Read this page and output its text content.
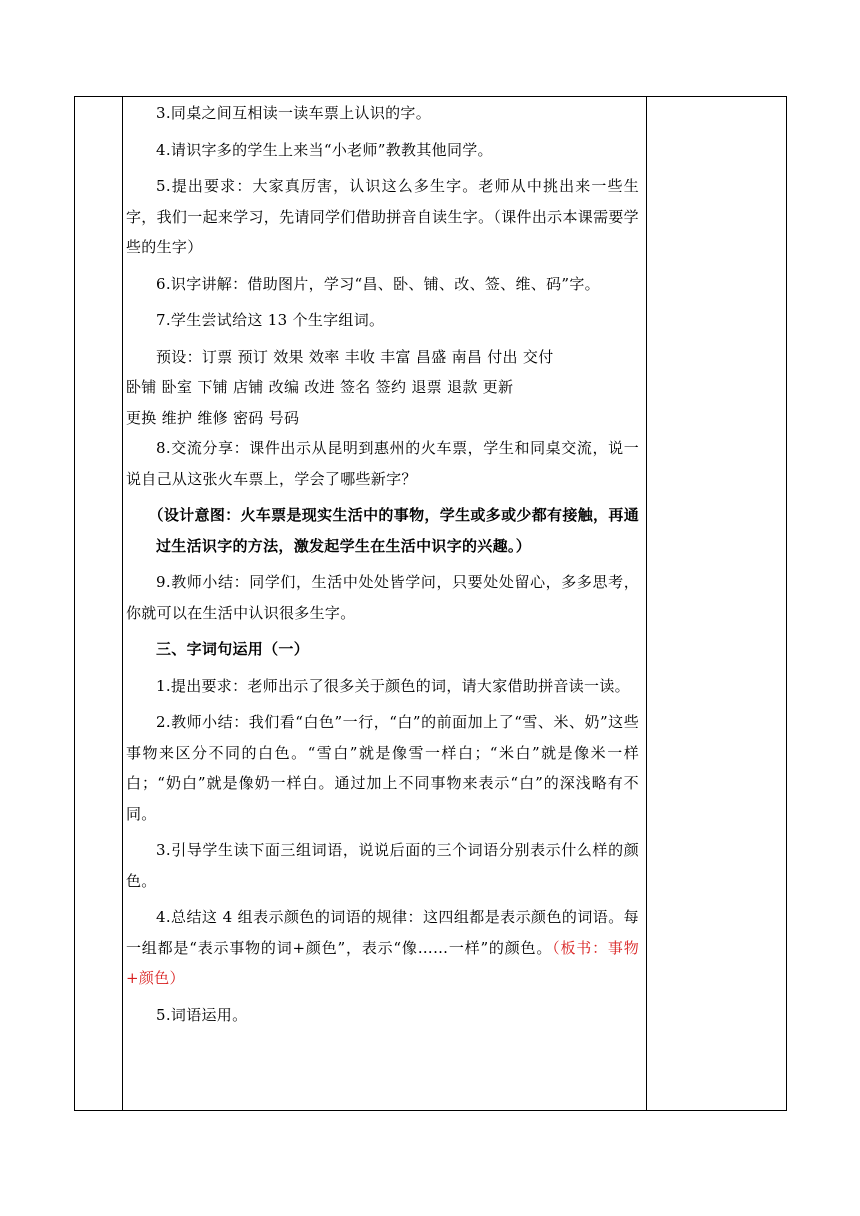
3.同桌之间互相读一读车票上认识的字。

4.请识字多的学生上来当“小老师”教教其他同学。

5.提出要求：大家真厉害，认识这么多生字。老师从中挑出来一些生字，我们一起来学习，先请同学们借助拼音自读生字。（课件出示本课需要学些的生字）

6.识字讲解：借助图片，学习“昌、卧、铺、改、签、维、码”字。

7.学生尝试给这 13 个生字组词。

预设：订票 预订 效果 效率 丰收 丰富 昌盛 南昌 付出 交付

卧铺 卧室 下铺 店铺 改编 改进 签名 签约 退票 退款 更新

更换 维护 维修 密码 号码

8.交流分享：课件出示从昆明到惠州的火车票，学生和同桌交流，说一说自己从这张火车票上，学会了哪些新字？

（设计意图：火车票是现实生活中的事物，学生或多或少都有接触，再通过生活识字的方法，激发起学生在生活中识字的兴趣。）

9.教师小结：同学们，生活中处处皆学问，只要处处留心，多多思考，你就可以在生活中认识很多生字。

三、字词句运用（一）

1.提出要求：老师出示了很多关于颜色的词，请大家借助拼音读一读。

2.教师小结：我们看“白色”一行，“白”的前面加上了“雪、米、奶”这些事物来区分不同的白色。“雪白”就是像雪一样白；“米白”就是像米一样白；“奶白”就是像奶一样白。通过加上不同事物来表示“白”的深浅略有不同。

3.引导学生读下面三组词语，说说后面的三个词语分别表示什么样的颜色。

4.总结这 4 组表示颜色的词语的规律：这四组都是表示颜色的词语。每一组都是“表示事物的词+颜色”，表示“像……一样”的颜色。（板书：事物+颜色）

5.词语运用。
